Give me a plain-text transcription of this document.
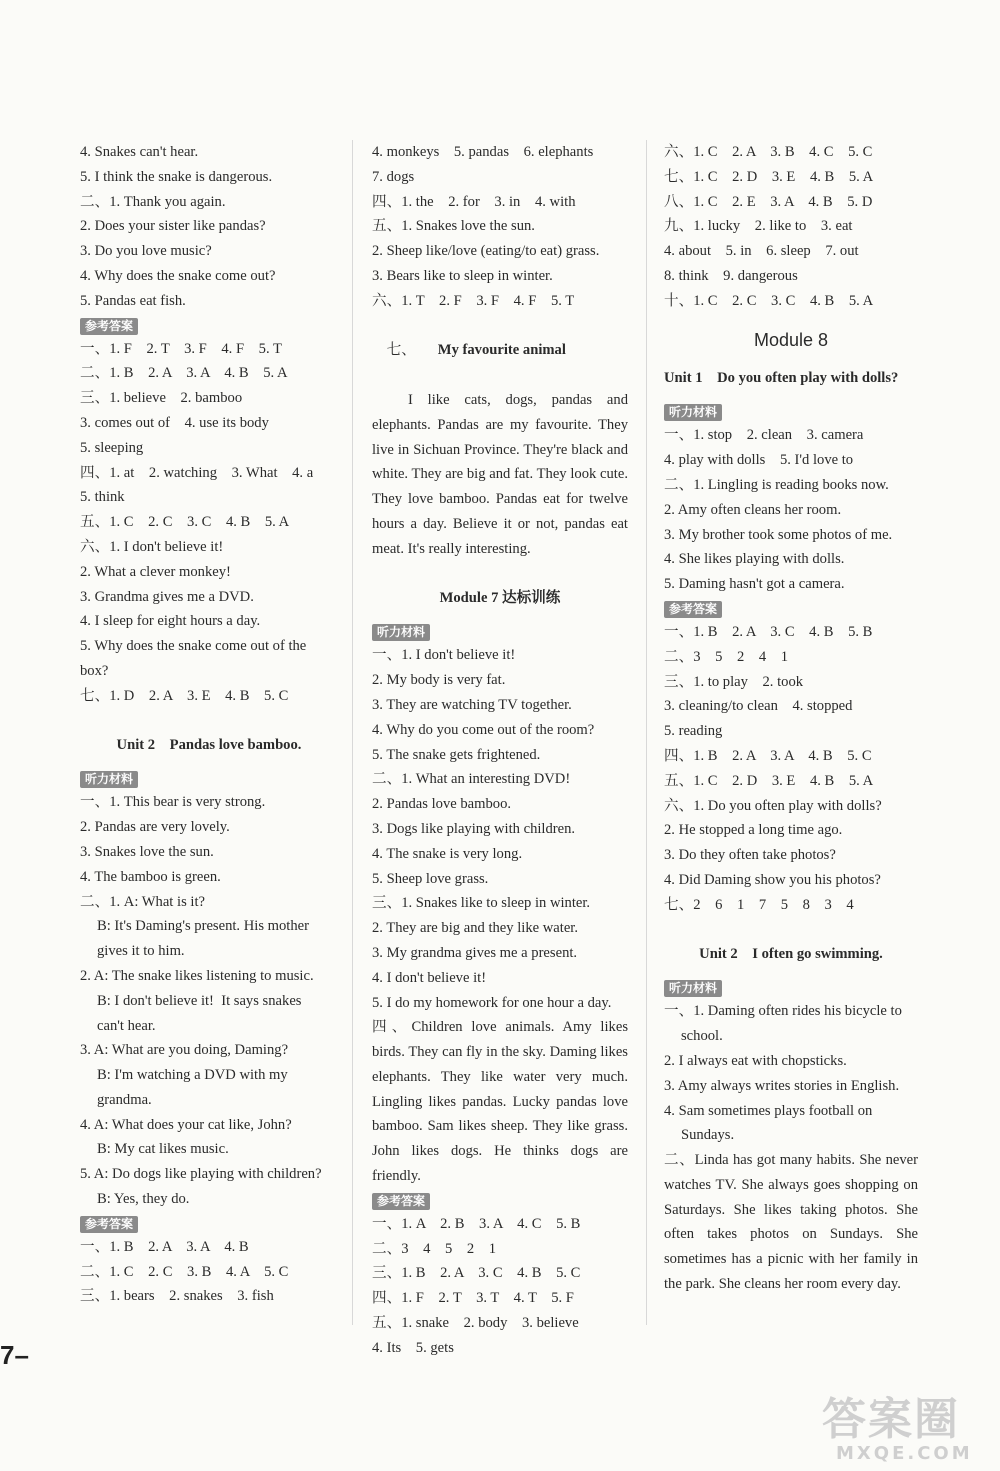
4. Snakes can't hear.
5. I think the snake is dangerous.
二、1. Thank you again.
2. Does your sister like pandas?
3. Do you love music?
4. Why does the snake come out?
5. Pandas eat fish.
参考答案
一、1. F　2. T　3. F　4. F　5. T
二、1. B　2. A　3. A　4. B　5. A
三、1. believe　2. bamboo
3. comes out of　4. use its body
5. sleeping
四、1. at　2. watching　3. What　4. a
5. think
五、1. C　2. C　3. C　4. B　5. A
六、1. I don't believe it!
2. What a clever monkey!
3. Grandma gives me a DVD.
4. I sleep for eight hours a day.
5. Why does the snake come out of the
box?
七、1. D　2. A　3. E　4. B　5. C
Unit 2　Pandas love bamboo.
听力材料
一、1. This bear is very strong.
2. Pandas are very lovely.
3. Snakes love the sun.
4. The bamboo is green.
二、1. A: What is it?
B: It's Daming's present. His mother
gives it to him.
2. A: The snake likes listening to music.
B: I don't believe it!  It says snakes
can't hear.
3. A: What are you doing, Daming?
B: I'm watching a DVD with my
grandma.
4. A: What does your cat like, John?
B: My cat likes music.
5. A: Do dogs like playing with children?
B: Yes, they do.
参考答案
一、1. B　2. A　3. A　4. B
二、1. C　2. C　3. B　4. A　5. C
三、1. bears　2. snakes　3. fish
4. monkeys　5. pandas　6. elephants
7. dogs
四、1. the　2. for　3. in　4. with
五、1. Snakes love the sun.
2. Sheep like/love (eating/to eat) grass.
3. Bears like to sleep in winter.
六、1. T　2. F　3. F　4. F　5. T

七、 My favourite animal

I like cats, dogs, pandas and elephants. Pandas are my favourite. They live in Sichuan Province. They're black and white. They are big and fat. They look cute. They love bamboo. Pandas eat for twelve hours a day. Believe it or not, pandas eat meat. It's really interesting.
Module 7 达标训练
听力材料
一、1. I don't believe it!
2. My body is very fat.
3. They are watching TV together.
4. Why do you come out of the room?
5. The snake gets frightened.
二、1. What an interesting DVD!
2. Pandas love bamboo.
3. Dogs like playing with children.
4. The snake is very long.
5. Sheep love grass.
三、1. Snakes like to sleep in winter.
2. They are big and they like water.
3. My grandma gives me a present.
4. I don't believe it!
5. I do my homework for one hour a day.
四、Children love animals. Amy likes birds. They can fly in the sky. Daming likes elephants. They like water very much. Lingling likes pandas. Lucky pandas love bamboo. Sam likes sheep. They like grass. John likes dogs. He thinks dogs are friendly.
参考答案
一、1. A　2. B　3. A　4. C　5. B
二、3　4　5　2　1
三、1. B　2. A　3. C　4. B　5. C
四、1. F　2. T　3. T　4. T　5. F
五、1. snake　2. body　3. believe
4. Its　5. gets
六、1. C　2. A　3. B　4. C　5. C
七、1. C　2. D　3. E　4. B　5. A
八、1. C　2. E　3. A　4. B　5. D
九、1. lucky　2. like to　3. eat
4. about　5. in　6. sleep　7. out
8. think　9. dangerous
十、1. C　2. C　3. C　4. B　5. A
Module 8
Unit 1　Do you often play with dolls?
听力材料
一、1. stop　2. clean　3. camera
4. play with dolls　5. I'd love to
二、1. Lingling is reading books now.
2. Amy often cleans her room.
3. My brother took some photos of me.
4. She likes playing with dolls.
5. Daming hasn't got a camera.
参考答案
一、1. B　2. A　3. C　4. B　5. B
二、3　5　2　4　1
三、1. to play　2. took
3. cleaning/to clean　4. stopped
5. reading
四、1. B　2. A　3. A　4. B　5. C
五、1. C　2. D　3. E　4. B　5. A
六、1. Do you often play with dolls?
2. He stopped a long time ago.
3. Do they often take photos?
4. Did Daming show you his photos?
七、2　6　1　7　5　8　3　4
Unit 2　I often go swimming.
听力材料
一、1. Daming often rides his bicycle to
school.
2. I always eat with chopsticks.
3. Amy always writes stories in English.
4. Sam sometimes plays football on
Sundays.
二、Linda has got many habits. She never watches TV. She always goes shopping on Saturdays. She likes taking photos. She often takes photos on Sundays. She sometimes has a picnic with her family in the park. She cleans her room every day.
7–
答案圈
MXQE.COM
